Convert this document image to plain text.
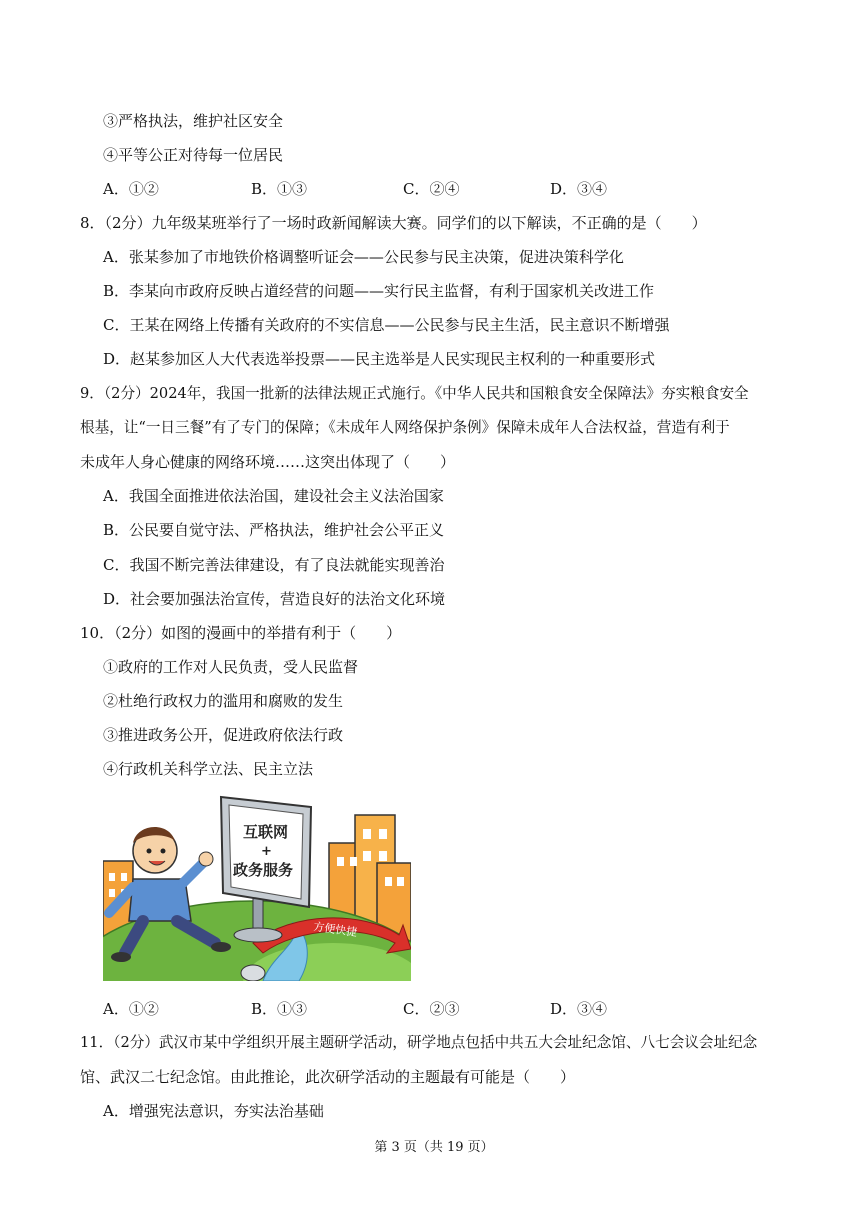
③严格执法，维护社区安全
④平等公正对待每一位居民
A．①②	B．①③	C．②④	D．③④
8．（2分）九年级某班举行了一场时政新闻解读大赛。同学们的以下解读，不正确的是（　　）
A．张某参加了市地铁价格调整听证会——公民参与民主决策，促进决策科学化
B．李某向市政府反映占道经营的问题——实行民主监督，有利于国家机关改进工作
C．王某在网络上传播有关政府的不实信息——公民参与民主生活，民主意识不断增强
D．赵某参加区人大代表选举投票——民主选举是人民实现民主权利的一种重要形式
9．（2分）2024年，我国一批新的法律法规正式施行。《中华人民共和国粮食安全保障法》夯实粮食安全
根基，让“一日三餐”有了专门的保障；《未成年人网络保护条例》保障未成年人合法权益，营造有利于
未成年人身心健康的网络环境……这突出体现了（　　）
A．我国全面推进依法治国，建设社会主义法治国家
B．公民要自觉守法、严格执法，维护社会公平正义
C．我国不断完善法律建设，有了良法就能实现善治
D．社会要加强法治宣传，营造良好的法治文化环境
10．（2分）如图的漫画中的举措有利于（　　）
①政府的工作对人民负责，受人民监督
②杜绝行政权力的滥用和腐败的发生
③推进政务公开，促进政府依法行政
④行政机关科学立法、民主立法
方便快捷
互联网
+
政务服务
A．①②	B．①③	C．②③	D．③④
11．（2分）武汉市某中学组织开展主题研学活动，研学地点包括中共五大会址纪念馆、八七会议会址纪念
馆、武汉二七纪念馆。由此推论，此次研学活动的主题最有可能是（　　）
A．增强宪法意识，夯实法治基础
第 3 页（共 19 页）
